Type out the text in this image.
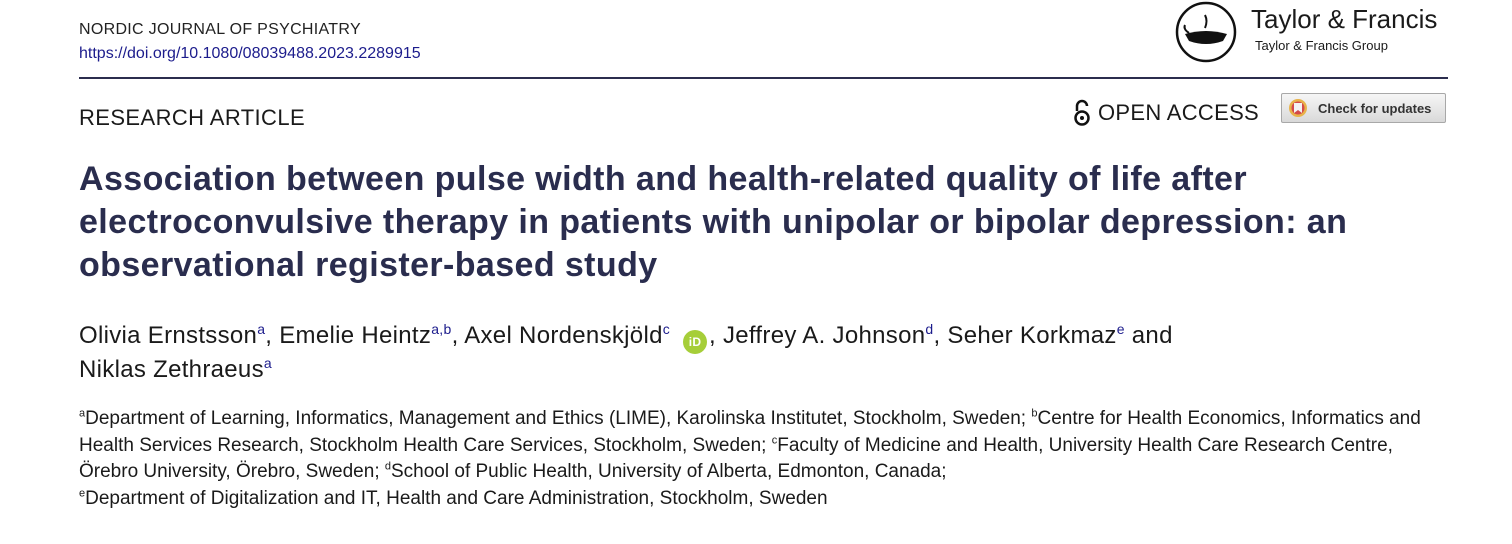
NORDIC JOURNAL OF PSYCHIATRY
https://doi.org/10.1080/08039488.2023.2289915
Taylor & Francis
Taylor & Francis Group
RESEARCH ARTICLE	OPEN ACCESS	Check for updates
Association between pulse width and health-related quality of life after electroconvulsive therapy in patients with unipolar or bipolar depression: an observational register-based study
Olivia Ernstsson$^a$, Emelie Heintz$^{a,b}$, Axel Nordenskjöld$^c$ iD , Jeffrey A. Johnson$^d$, Seher Korkmaz$^e$ and
Niklas Zethraeus$^a$
$^a$Department of Learning, Informatics, Management and Ethics (LIME), Karolinska Institutet, Stockholm, Sweden; $^b$Centre for Health Economics, Informatics and Health Services Research, Stockholm Health Care Services, Stockholm, Sweden; $^c$Faculty of Medicine and Health, University Health Care Research Centre, Örebro University, Örebro, Sweden; $^d$School of Public Health, University of Alberta, Edmonton, Canada;
$^e$Department of Digitalization and IT, Health and Care Administration, Stockholm, Sweden
